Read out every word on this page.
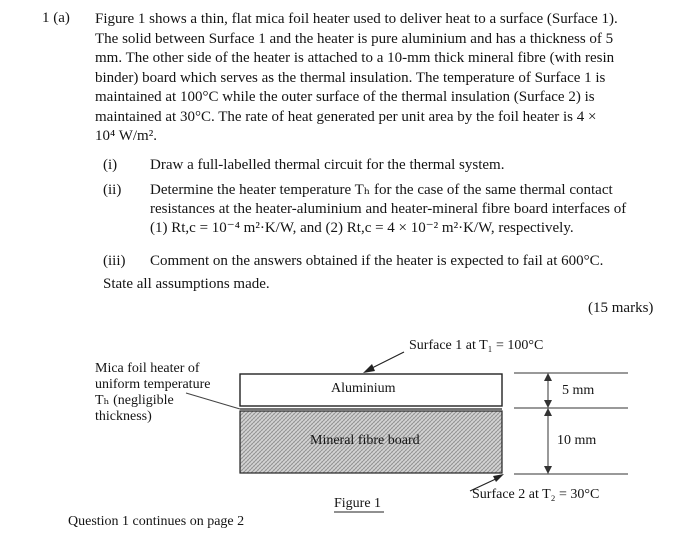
1 (a) Figure 1 shows a thin, flat mica foil heater used to deliver heat to a surface (Surface 1).

The solid between Surface 1 and the heater is pure aluminium and has a thickness of 5

mm. The other side of the heater is attached to a 10-mm thick mineral fibre (with resin

binder) board which serves as the thermal insulation. The temperature of Surface 1 is

maintained at 100°C while the outer surface of the thermal insulation (Surface 2) is

maintained at 30°C. The rate of heat generated per unit area by the foil heater is 4 ×

10⁴ W/m².

(i) Draw a full-labelled thermal circuit for the thermal system.
(ii) Determine the heater temperature Tₕ for the case of the same thermal contact
resistances at the heater-aluminium and heater-mineral fibre board interfaces of
(1) Rt,c = 10⁻⁴ m²·K/W, and (2) Rt,c = 4 × 10⁻² m²·K/W, respectively.
(iii) Comment on the answers obtained if the heater is expected to fail at 600°C.
State all assumptions made.
(15 marks)
Surface 1 at T₁ = 100°C
Mica foil heater of
uniform temperature
Tₕ (negligible
thickness)
Aluminium
Mineral fibre board
5 mm
10 mm
Surface 2 at T₂ = 30°C
Figure 1
Question 1 continues on page 2
